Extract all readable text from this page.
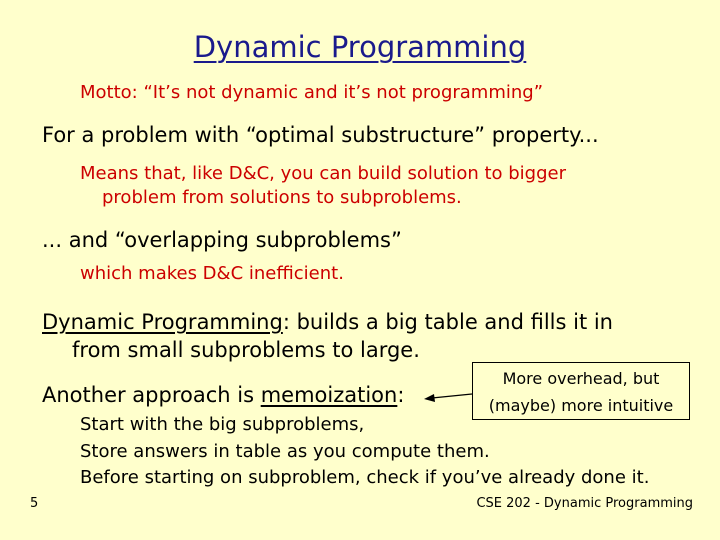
Dynamic Programming
Motto: “It’s not dynamic and it’s not programming”
For a problem with “optimal substructure” property...
Means that, like D&C, you can build solution to bigger
problem from solutions to subproblems.
... and “overlapping subproblems”
which makes D&C inefficient.
Dynamic Programming: builds a big table and fills it in
from small subproblems to large.
Another approach is memoization:
More overhead, but
(maybe) more intuitive
Start with the big subproblems,
Store answers in table as you compute them.
Before starting on subproblem, check if you’ve already done it.
5	CSE 202 - Dynamic Programming
